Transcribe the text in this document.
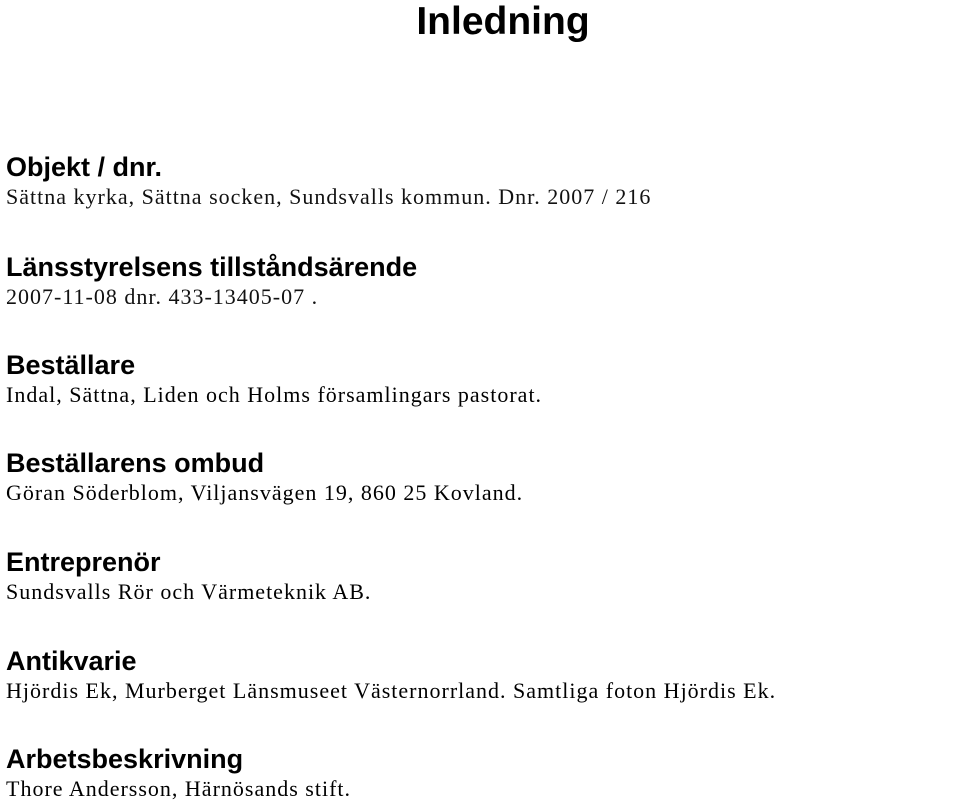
Inledning
Objekt / dnr.
Sättna kyrka, Sättna socken, Sundsvalls kommun. Dnr. 2007 / 216
Länsstyrelsens tillståndsärende
2007-11-08 dnr. 433-13405-07 .
Beställare
Indal, Sättna, Liden och Holms församlingars pastorat.
Beställarens ombud
Göran Söderblom, Viljansvägen 19, 860 25 Kovland.
Entreprenör
Sundsvalls Rör och Värmeteknik AB.
Antikvarie
Hjördis Ek, Murberget Länsmuseet Västernorrland. Samtliga foton Hjördis Ek.
Arbetsbeskrivning
Thore Andersson, Härnösands stift.
